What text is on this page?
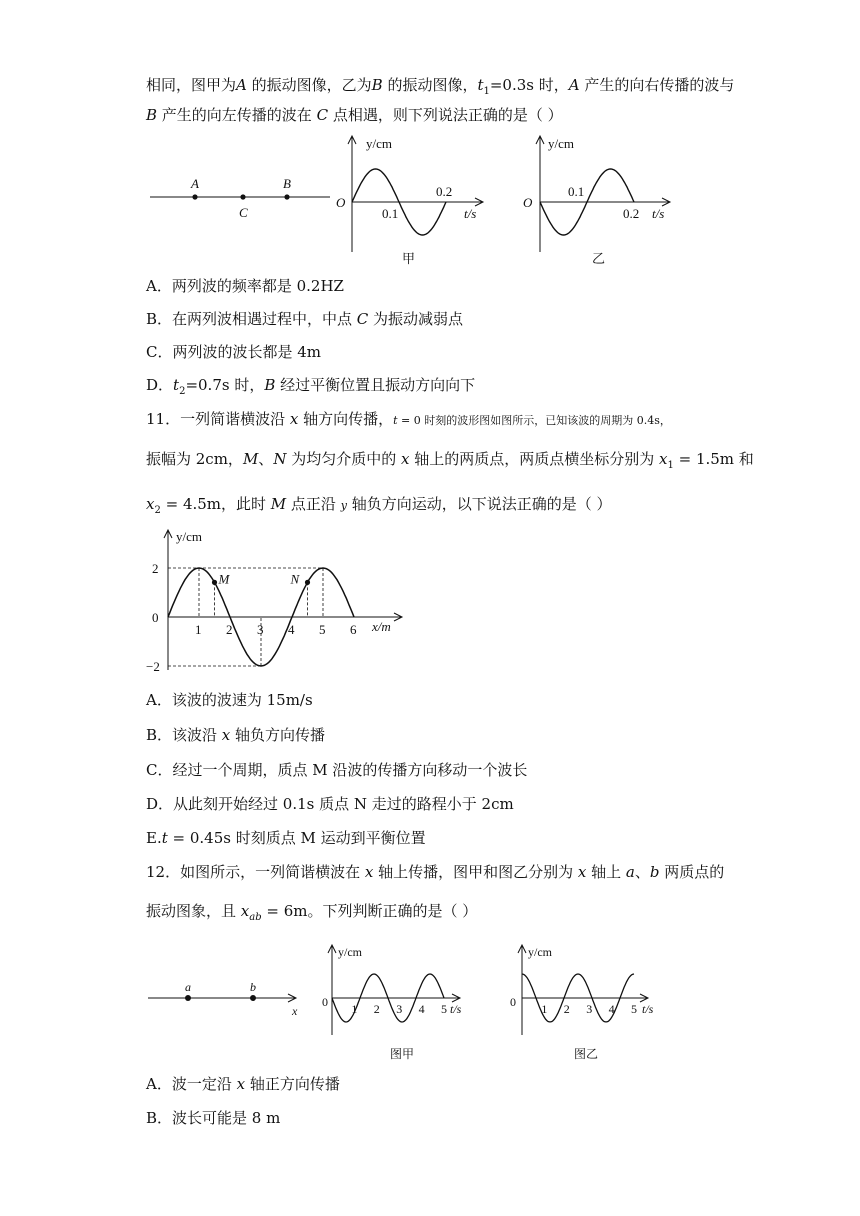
相同，图甲为A 的振动图像，乙为B 的振动图像，$t_1=0.3s$ 时，A 产生的向右传播的波与
B 产生的向左传播的波在 C 点相遇，则下列说法正确的是（ ）
A
C
B
y/cm
O
0.1
0.2
t/s
甲
y/cm
O
0.1
0.2 t/s
乙
A．两列波的频率都是 0.2HZ
B．在两列波相遇过程中，中点 C 为振动减弱点
C．两列波的波长都是 4m
D．$t_2=0.7s$ 时，B 经过平衡位置且振动方向向下
11．一列简谐横波沿 x 轴方向传播，t = 0 时刻的波形图如图所示，已知该波的周期为 0.4s，
振幅为 2cm，M、N 为均匀介质中的 x 轴上的两质点，两质点横坐标分别为 $x_1 = 1.5m$ 和
$x_2 = 4.5m$，此时 M 点正沿 y 轴负方向运动，以下说法正确的是（ ）
y/cm
x/m
M	N
2
0
−2
1 2 3 4 5 6
A．该波的波速为 15m/s
B．该波沿 x 轴负方向传播
C．经过一个周期，质点 M 沿波的传播方向移动一个波长
D．从此刻开始经过 0.1s 质点 N 走过的路程小于 2cm
E.t = 0.45s 时刻质点 M 运动到平衡位置
12．如图所示，一列简谐横波在 x 轴上传播，图甲和图乙分别为 x 轴上 a、b 两质点的
振动图象，且 $x_{ab} = 6m$。下列判断正确的是（ ）
a	b
x
y/cm
0 1 2 3 4 5 t/s
图甲
y/cm
0 1 2 3 4 5 t/s
图乙
A．波一定沿 x 轴正方向传播
B．波长可能是 8 m
